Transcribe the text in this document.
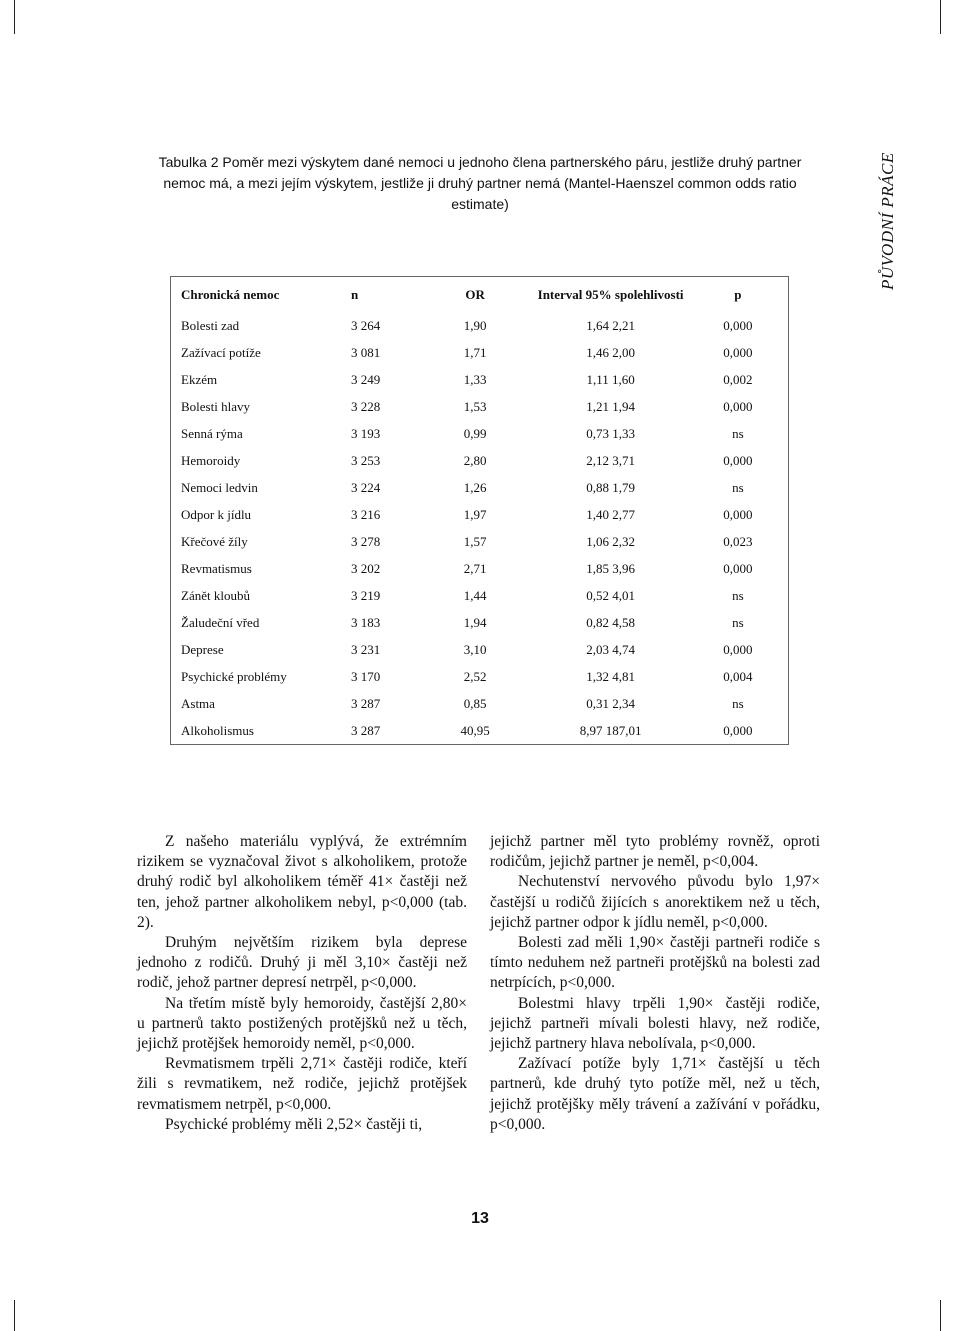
PŮVODNÍ PRÁCE
Tabulka 2 Poměr mezi výskytem dané nemoci u jednoho člena partnerského páru, jestliže druhý partner nemoc má, a mezi jejím výskytem, jestliže ji druhý partner nemá (Mantel-Haenszel common odds ratio estimate)
Chronická nemoc	n	OR	Interval 95% spolehlivosti	p
Bolesti zad	3 264	1,90	1,64 2,21	0,000
Zažívací potíže	3 081	1,71	1,46 2,00	0,000
Ekzém	3 249	1,33	1,11 1,60	0,002
Bolesti hlavy	3 228	1,53	1,21 1,94	0,000
Senná rýma	3 193	0,99	0,73 1,33	ns
Hemoroidy	3 253	2,80	2,12 3,71	0,000
Nemoci ledvin	3 224	1,26	0,88 1,79	ns
Odpor k jídlu	3 216	1,97	1,40 2,77	0,000
Křečové žíly	3 278	1,57	1,06 2,32	0,023
Revmatismus	3 202	2,71	1,85 3,96	0,000
Zánět kloubů	3 219	1,44	0,52 4,01	ns
Žaludeční vřed	3 183	1,94	0,82 4,58	ns
Deprese	3 231	3,10	2,03 4,74	0,000
Psychické problémy	3 170	2,52	1,32 4,81	0,004
Astma	3 287	0,85	0,31 2,34	ns
Alkoholismus	3 287	40,95	8,97 187,01	0,000

Z našeho materiálu vyplývá, že extrémním rizikem se vyznačoval život s alkoholikem, protože druhý rodič byl alkoholikem téměř 41× častěji než ten, jehož partner alkoholikem nebyl, p<0,000 (tab. 2).

Druhým největším rizikem byla deprese jednoho z rodičů. Druhý ji měl 3,10× častěji než rodič, jehož partner depresí netrpěl, p<0,000.

Na třetím místě byly hemoroidy, častější 2,80× u partnerů takto postižených protějšků než u těch, jejichž protějšek hemoroidy neměl, p<0,000.

Revmatismem trpěli 2,71× častěji rodiče, kteří žili s revmatikem, než rodiče, jejichž protějšek revmatismem netrpěl, p<0,000.

Psychické problémy měli 2,52× častěji ti,

jejichž partner měl tyto problémy rovněž, oproti rodičům, jejichž partner je neměl, p<0,004.

Nechutenství nervového původu bylo 1,97× častější u rodičů žijících s anorektikem než u těch, jejichž partner odpor k jídlu neměl, p<0,000.

Bolesti zad měli 1,90× častěji partneři rodiče s tímto neduhem než partneři protějšků na bolesti zad netrpících, p<0,000.

Bolestmi hlavy trpěli 1,90× častěji rodiče, jejichž partneři mívali bolesti hlavy, než rodiče, jejichž partnery hlava nebolívala, p<0,000.

Zažívací potíže byly 1,71× častější u těch partnerů, kde druhý tyto potíže měl, než u těch, jejichž protějšky měly trávení a zažívání v pořádku, p<0,000.

13
